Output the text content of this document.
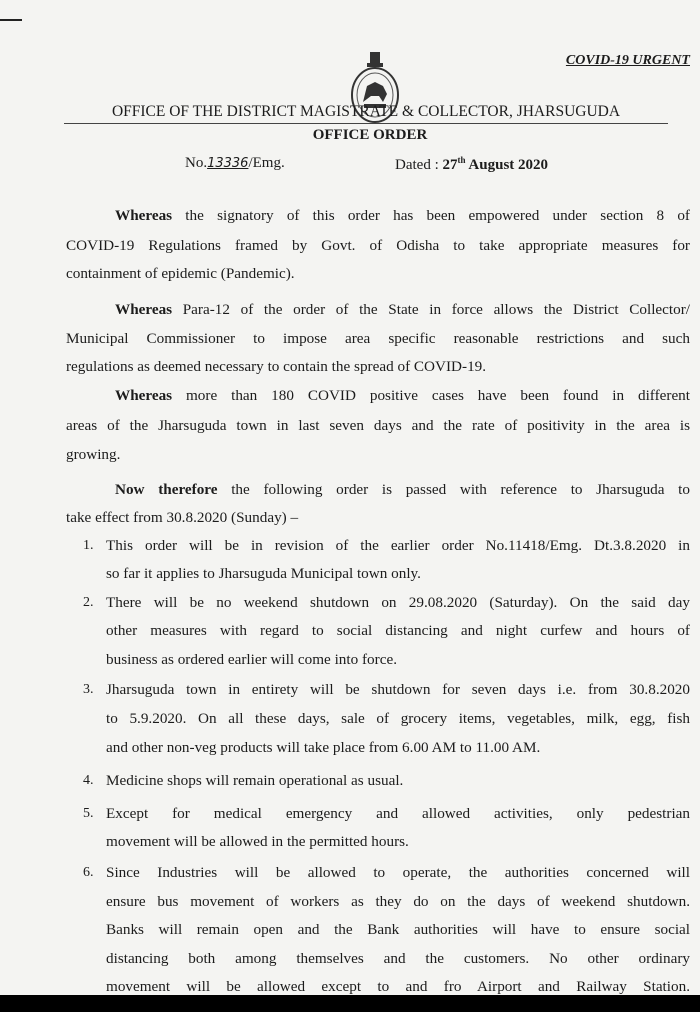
COVID-19 URGENT
OFFICE OF THE DISTRICT MAGISTRATE & COLLECTOR, JHARSUGUDA
OFFICE ORDER
No.13336/Emg.	Dated : 27th August 2020
Whereas the signatory of this order has been empowered under section 8 of
COVID-19 Regulations framed by Govt. of Odisha to take appropriate measures for
containment of epidemic (Pandemic).
Whereas Para-12 of the order of the State in force allows the District Collector/
Municipal Commissioner to impose area specific reasonable restrictions and such
regulations as deemed necessary to contain the spread of COVID-19.
Whereas more than 180 COVID positive cases have been found in different
areas of the Jharsuguda town in last seven days and the rate of positivity in the area is
growing.
Now therefore the following order is passed with reference to Jharsuguda to
take effect from 30.8.2020 (Sunday) –
1. This order will be in revision of the earlier order No.11418/Emg. Dt.3.8.2020 in
so far it applies to Jharsuguda Municipal town only.
2. There will be no weekend shutdown on 29.08.2020 (Saturday). On the said day
other measures with regard to social distancing and night curfew and hours of
business as ordered earlier will come into force.
3. Jharsuguda town in entirety will be shutdown for seven days i.e. from 30.8.2020
to 5.9.2020. On all these days, sale of grocery items, vegetables, milk, egg, fish
and other non-veg products will take place from 6.00 AM to 11.00 AM.
4. Medicine shops will remain operational as usual.
5. Except for medical emergency and allowed activities, only pedestrian
movement will be allowed in the permitted hours.
6. Since Industries will be allowed to operate, the authorities concerned will
ensure bus movement of workers as they do on the days of weekend shutdown.
Banks will remain open and the Bank authorities will have to ensure social
distancing both among themselves and the customers. No other ordinary
movement will be allowed except to and fro Airport and Railway Station.
